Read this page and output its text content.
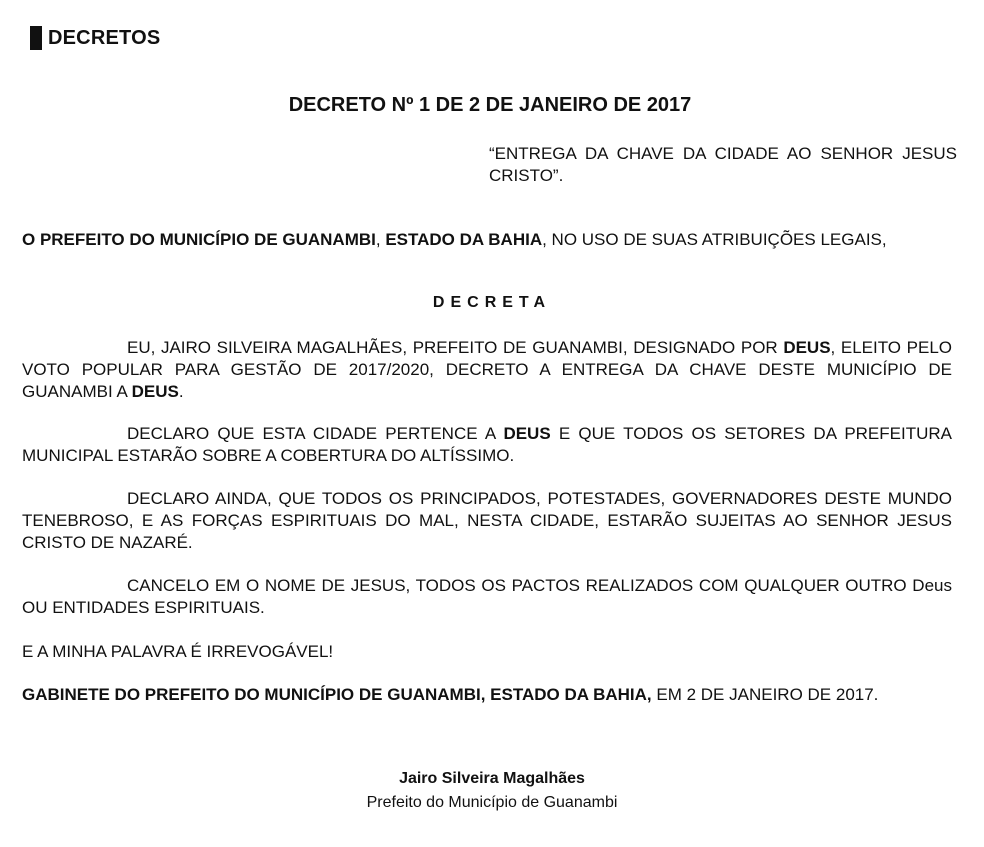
DECRETOS
DECRETO Nº 1 DE 2 DE JANEIRO DE 2017
“ENTREGA DA CHAVE DA CIDADE AO SENHOR JESUS CRISTO”.
O PREFEITO DO MUNICÍPIO DE GUANAMBI, ESTADO DA BAHIA, NO USO DE SUAS ATRIBUIÇÕES LEGAIS,
DECRETA
EU, JAIRO SILVEIRA MAGALHÃES, PREFEITO DE GUANAMBI, DESIGNADO POR DEUS, ELEITO PELO VOTO POPULAR PARA GESTÃO DE 2017/2020, DECRETO A ENTREGA DA CHAVE DESTE MUNICÍPIO DE GUANAMBI A DEUS.
DECLARO QUE ESTA CIDADE PERTENCE A DEUS E QUE TODOS OS SETORES DA PREFEITURA MUNICIPAL ESTARÃO SOBRE A COBERTURA DO ALTÍSSIMO.
DECLARO AINDA, QUE TODOS OS PRINCIPADOS, POTESTADES, GOVERNADORES DESTE MUNDO TENEBROSO, E AS FORÇAS ESPIRITUAIS DO MAL, NESTA CIDADE, ESTARÃO SUJEITAS AO SENHOR JESUS CRISTO DE NAZARÉ.
CANCELO EM O NOME DE JESUS, TODOS OS PACTOS REALIZADOS COM QUALQUER OUTRO Deus OU ENTIDADES ESPIRITUAIS.
E A MINHA PALAVRA É IRREVOGÁVEL!
GABINETE DO PREFEITO DO MUNICÍPIO DE GUANAMBI, ESTADO DA BAHIA, EM 2 DE JANEIRO DE 2017.
Jairo Silveira Magalhães
Prefeito do Município de Guanambi
